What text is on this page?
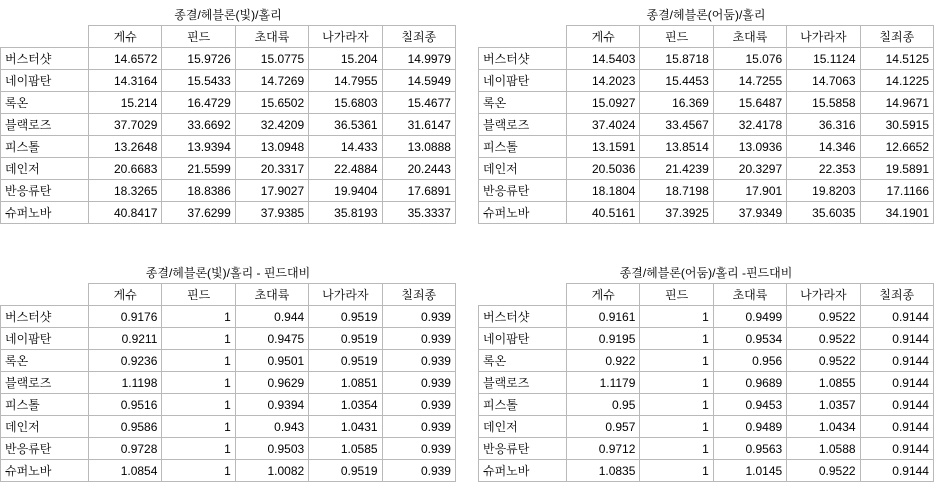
종결/헤블론(빛)/홀리					
	게슈	핀드	초대륙	나가라자	칠죄종
버스터샷	14.6572	15.9726	15.0775	15.204	14.9979
네이팜탄	14.3164	15.5433	14.7269	14.7955	14.5949
록온	15.214	16.4729	15.6502	15.6803	15.4677
블랙로즈	37.7029	33.6692	32.4209	36.5361	31.6147
피스톨	13.2648	13.9394	13.0948	14.433	13.0888
데인저	20.6683	21.5599	20.3317	22.4884	20.2443
반응류탄	18.3265	18.8386	17.9027	19.9404	17.6891
슈퍼노바	40.8417	37.6299	37.9385	35.8193	35.3337
종결/헤블론(어둠)/홀리					
	게슈	핀드	초대륙	나가라자	칠죄종
버스터샷	14.5403	15.8718	15.076	15.1124	14.5125
네이팜탄	14.2023	15.4453	14.7255	14.7063	14.1225
록온	15.0927	16.369	15.6487	15.5858	14.9671
블랙로즈	37.4024	33.4567	32.4178	36.316	30.5915
피스톨	13.1591	13.8514	13.0936	14.346	12.6652
데인저	20.5036	21.4239	20.3297	22.353	19.5891
반응류탄	18.1804	18.7198	17.901	19.8203	17.1166
슈퍼노바	40.5161	37.3925	37.9349	35.6035	34.1901
종결/헤블론(빛)/홀리 - 핀드대비					
	게슈	핀드	초대륙	나가라자	칠죄종
버스터샷	0.9176	1	0.944	0.9519	0.939
네이팜탄	0.9211	1	0.9475	0.9519	0.939
록온	0.9236	1	0.9501	0.9519	0.939
블랙로즈	1.1198	1	0.9629	1.0851	0.939
피스톨	0.9516	1	0.9394	1.0354	0.939
데인저	0.9586	1	0.943	1.0431	0.939
반응류탄	0.9728	1	0.9503	1.0585	0.939
슈퍼노바	1.0854	1	1.0082	0.9519	0.939
종결/헤블론(어둠)/홀리 -핀드대비					
	게슈	핀드	초대륙	나가라자	칠죄종
버스터샷	0.9161	1	0.9499	0.9522	0.9144
네이팜탄	0.9195	1	0.9534	0.9522	0.9144
록온	0.922	1	0.956	0.9522	0.9144
블랙로즈	1.1179	1	0.9689	1.0855	0.9144
피스톨	0.95	1	0.9453	1.0357	0.9144
데인저	0.957	1	0.9489	1.0434	0.9144
반응류탄	0.9712	1	0.9563	1.0588	0.9144
슈퍼노바	1.0835	1	1.0145	0.9522	0.9144
